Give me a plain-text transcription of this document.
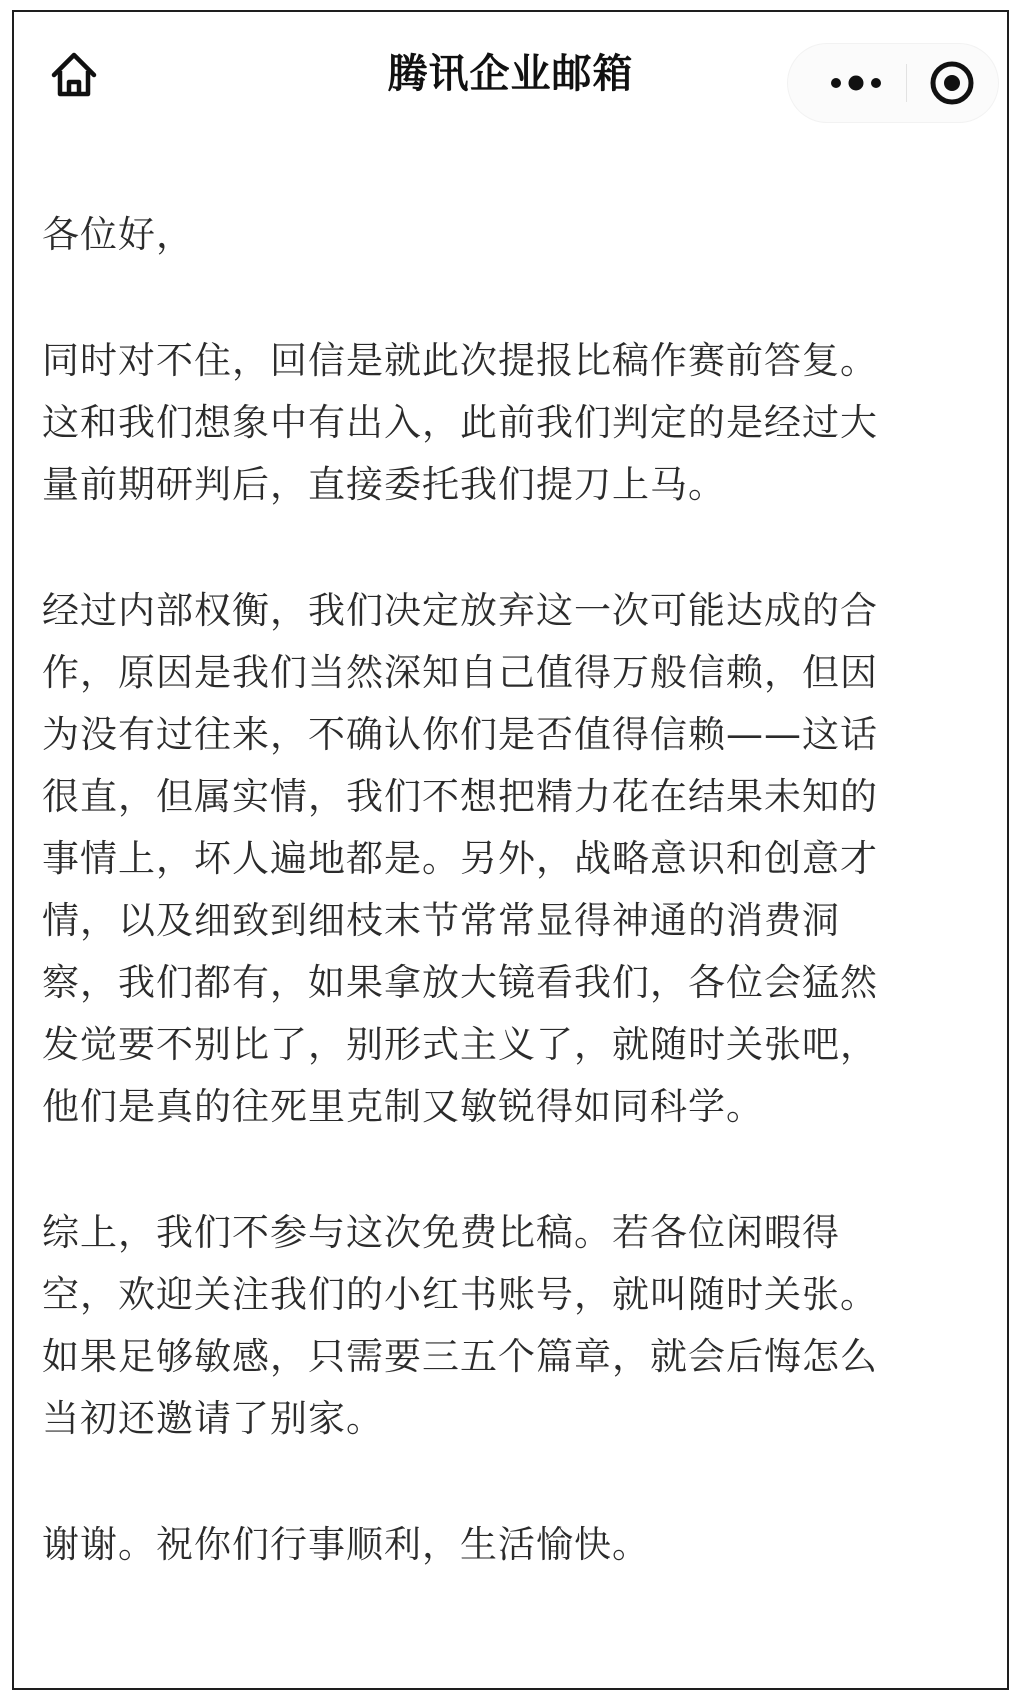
腾讯企业邮箱
各位好，
同时对不住，回信是就此次提报比稿作赛前答复。
这和我们想象中有出入，此前我们判定的是经过大
量前期研判后，直接委托我们提刀上马。
经过内部权衡，我们决定放弃这一次可能达成的合
作，原因是我们当然深知自己值得万般信赖，但因
为没有过往来，不确认你们是否值得信赖——这话
很直，但属实情，我们不想把精力花在结果未知的
事情上，坏人遍地都是。另外，战略意识和创意才
情，以及细致到细枝末节常常显得神通的消费洞
察，我们都有，如果拿放大镜看我们，各位会猛然
发觉要不别比了，别形式主义了，就随时关张吧，
他们是真的往死里克制又敏锐得如同科学。
综上，我们不参与这次免费比稿。若各位闲暇得
空，欢迎关注我们的小红书账号，就叫随时关张。
如果足够敏感，只需要三五个篇章，就会后悔怎么
当初还邀请了别家。
谢谢。祝你们行事顺利，生活愉快。
